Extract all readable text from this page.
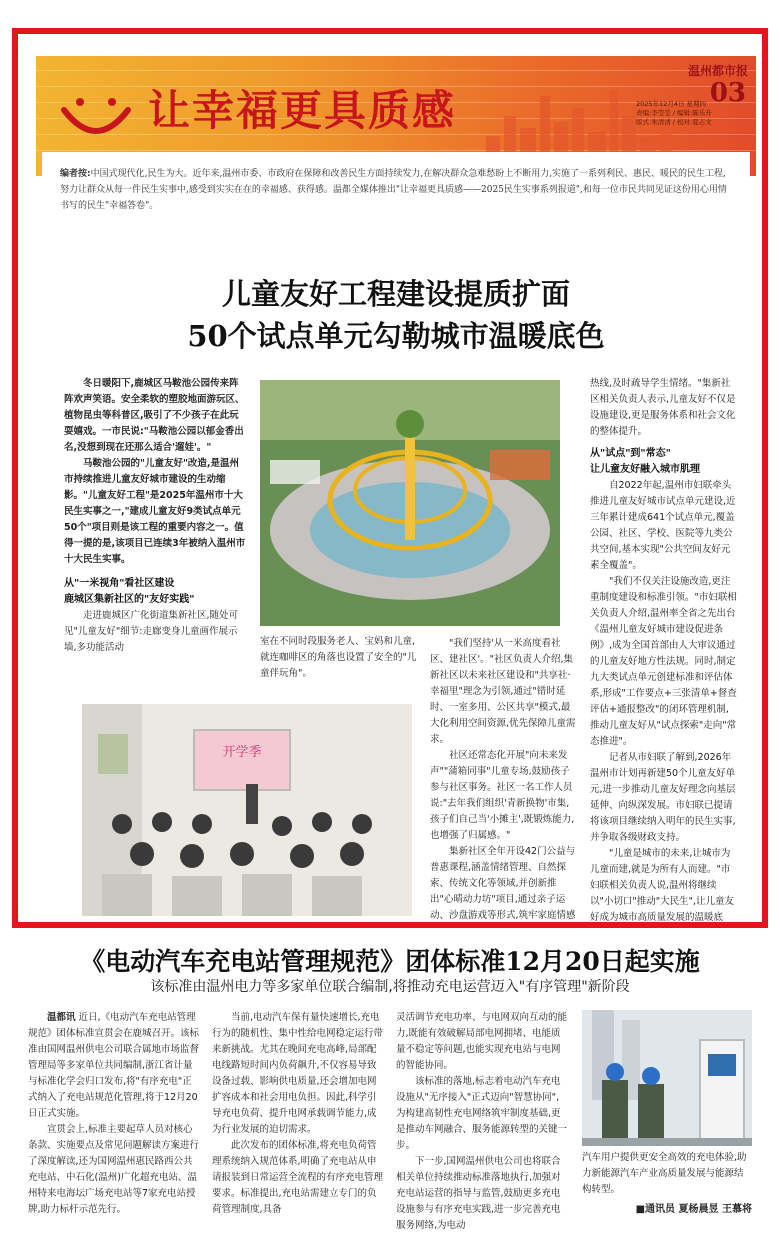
让幸福更具质感
温州都市报
03
2025年12月4日 星期四
责编:李莹莹 / 编辑:陈乐升
版式:朱清清 / 校对:夏志文
编者按:中国式现代化,民生为大。近年来,温州市委、市政府在保障和改善民生方面持续发力,在解决群众急难愁盼上不断用力,实施了一系列利民、惠民、暖民的民生工程,努力让群众从每一件民生实事中,感受到实实在在的幸福感、获得感。温都全媒体推出"让幸福更具质感——2025民生实事系列报道",和每一位市民共同见证这份用心用情书写的民生"幸福答卷"。
儿童友好工程建设提质扩面
50个试点单元勾勒城市温暖底色

冬日暖阳下,鹿城区马鞍池公园传来阵阵欢声笑语。安全柔软的塑胶地面游玩区、植物昆虫等科普区,吸引了不少孩子在此玩耍嬉戏。一市民说:"马鞍池公园以郁金香出名,没想到现在还那么适合'遛娃'。"

马鞍池公园的"儿童友好"改造,是温州市持续推进儿童友好城市建设的生动缩影。"儿童友好工程"是2025年温州市十大民生实事之一,"建成儿童友好9类试点单元50个"项目则是该工程的重要内容之一。值得一提的是,该项目已连续3年被纳入温州市十大民生实事。

从"一米视角"看社区建设
鹿城区集新社区的"友好实践"

走进鹿城区广化街道集新社区,随处可见"儿童友好"细节:走廊变身儿童画作展示墙,多功能活动

室在不同时段服务老人、宝妈和儿童,就连咖啡区的角落也设置了安全的"儿童伴玩角"。

开学季

"我们坚持'从一米高度看社区、建社区'。"社区负责人介绍,集新社区以未来社区建设和"共享社·幸福里"理念为引领,通过"错时延时、一室多用、公区共享"模式,最大化利用空间资源,优先保障儿童需求。

社区还常态化开展"向未来发声""蒲箱同事"儿童专场,鼓励孩子参与社区事务。社区一名工作人员说:"去年我们组织'青新换物'市集,孩子们自己当'小摊主',既锻炼能力,也增强了归属感。"

集新社区全年开设42门公益与普惠课程,涵盖情绪管理、自然探索、传统文化等领域,并创新推出"心晴动力坊"项目,通过亲子运动、沙盘游戏等形式,筑牢家庭情感

热线,及时疏导学生情绪。"集新社区相关负责人表示,儿童友好不仅是设施建设,更是服务体系和社会文化的整体提升。

从"试点"到"常态"
让儿童友好融入城市肌理

自2022年起,温州市妇联牵头推进儿童友好城市试点单元建设,近三年累计建成641个试点单元,覆盖公园、社区、学校、医院等九类公共空间,基本实现"公共空间友好元素全覆盖"。

"我们不仅关注设施改造,更注重制度建设和标准引领。"市妇联相关负责人介绍,温州率全省之先出台《温州儿童友好城市建设促进条例》,成为全国首部由人大审议通过的儿童友好地方性法规。同时,制定九大类试点单元创建标准和评估体系,形成"工作要点+三张清单+督查评估+通报整改"的闭环管理机制,推动儿童友好从"试点探索"走向"常态推进"。

记者从市妇联了解到,2026年温州市计划再新建50个儿童友好单元,进一步推动儿童友好理念向基层延伸、向纵深发展。市妇联已提请将该项目继续纳入明年的民生实事,并争取各级财政支持。

"儿童是城市的未来,让城市为儿童而建,就是为所有人而建。"市妇联相关负责人说,温州将继续以"小切口"推动"大民生",让儿童友好成为城市高质量发展的温暖底

《电动汽车充电站管理规范》团体标准12月20日起实施
该标准由温州电力等多家单位联合编制,将推动充电运营迈入"有序管理"新阶段

温都讯 近日,《电动汽车充电站管理规范》团体标准宣贯会在鹿城召开。该标准由国网温州供电公司联合属地市场监督管理局等多家单位共同编制,浙江省计量与标准化学会归口发布,将"有序充电"正式纳入了充电站规范化管理,将于12月20日正式实施。

宣贯会上,标准主要起草人员对核心条款、实施要点及常见问题解读方案进行了深度解读,还为国网温州惠民路西公共充电站、中石化(温州)广化超充电站、温州特来电海坛广场充电站等7家充电站授牌,助力标杆示范先行。

当前,电动汽车保有量快速增长,充电行为的随机性、集中性给电网稳定运行带来新挑战。尤其在晚间充电高峰,局部配电线路短时间内负荷飙升,不仅容易导致设备过载、影响供电质量,还会增加电网扩容成本和社会用电负担。因此,科学引导充电负荷、提升电网承载调节能力,成为行业发展的迫切需求。

此次发布的团体标准,将充电负荷管理系统纳入规范体系,明确了充电站从申请报装到日常运营全流程的有序充电管理要求。标准提出,充电站需建立专门的负荷管理制度,具备

灵活调节充电功率、与电网双向互动的能力,既能有效破解局部电网拥堵、电能质量不稳定等问题,也能实现充电站与电网的智能协同。

该标准的落地,标志着电动汽车充电设施从"无序接入"正式迈向"智慧协同",为构建高韧性充电网络筑牢制度基础,更是推动车网融合、服务能源转型的关键一步。

下一步,国网温州供电公司也将联合相关单位持续推动标准落地执行,加强对充电站运营的指导与监管,鼓励更多充电设施参与有序充电实践,进一步完善充电服务网络,为电动

汽车用户提供更安全高效的充电体验,助力新能源汽车产业高质量发展与能源结构转型。

■通讯员 夏杨晨昱 王慕将
